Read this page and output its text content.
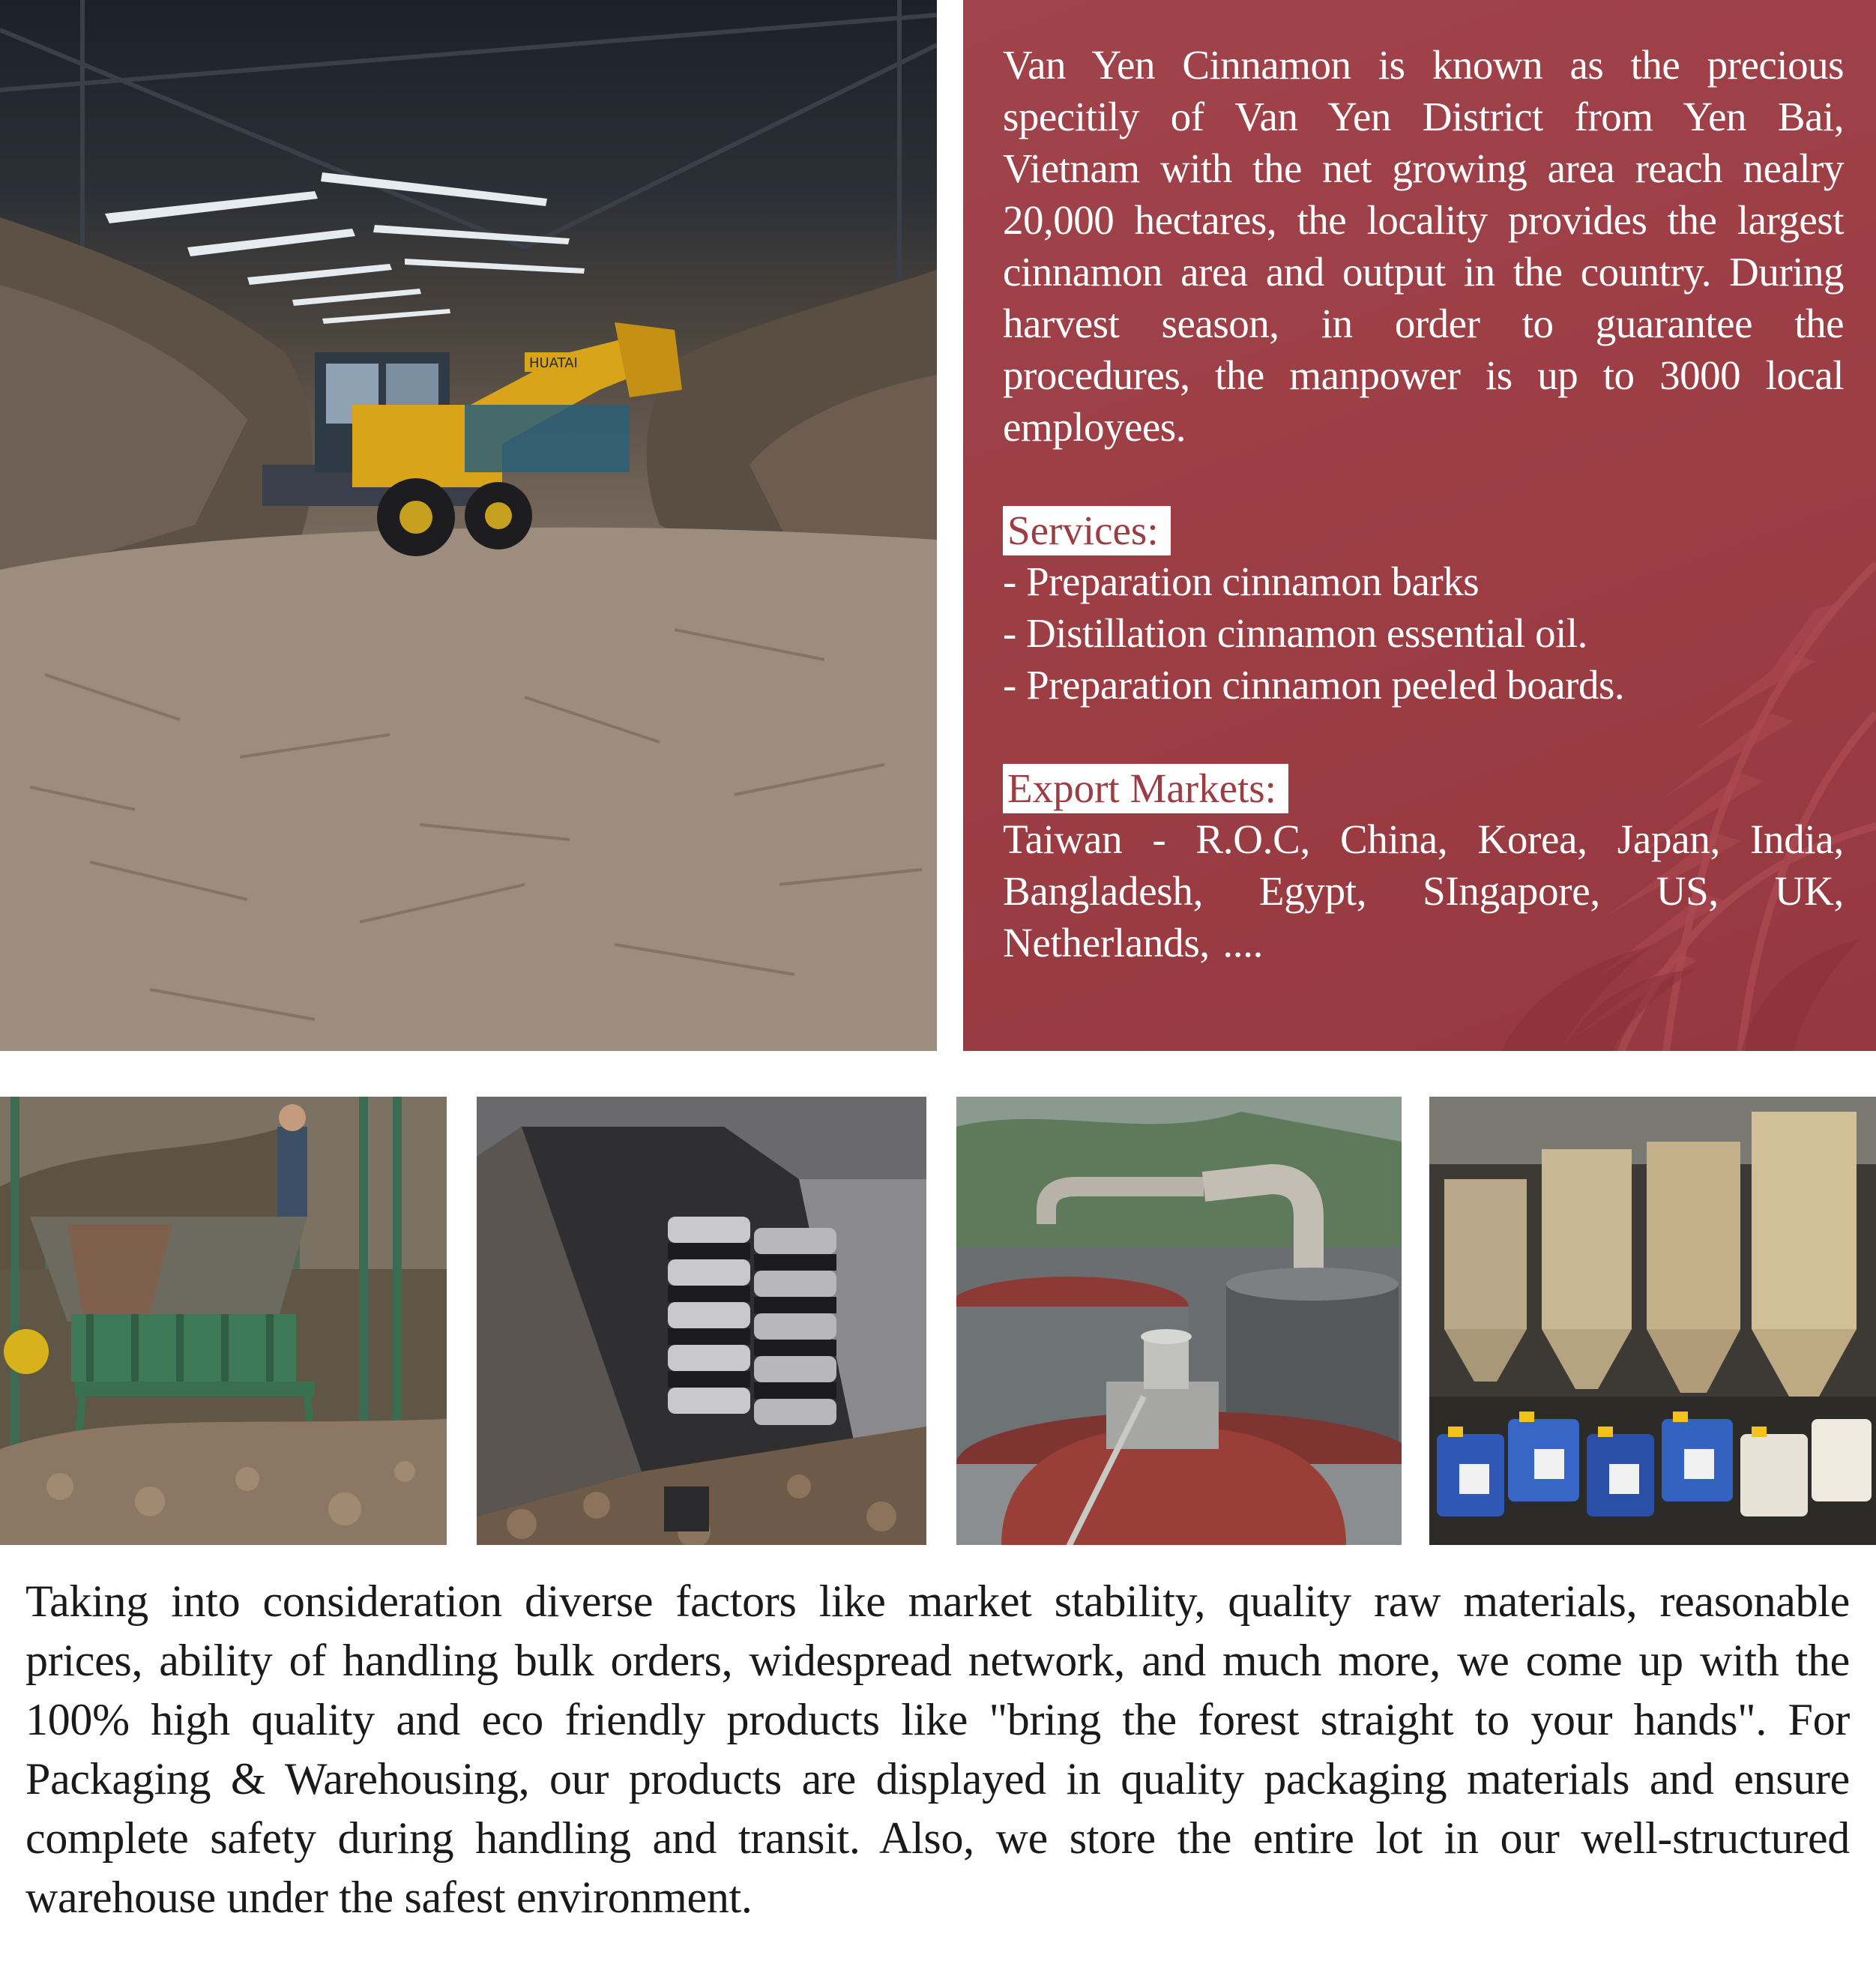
HUATAI

Van Yen Cinnamon is known as the precious specitily of Van Yen District from Yen Bai, Vietnam with the net growing area reach nealry 20,000 hectares, the locality provides the largest cinnamon area and output in the country. During harvest season, in order to guarantee the procedures, the manpower is up to 3000 local employees.

Services:
- Preparation cinnamon barks
- Distillation cinnamon essential oil.
- Preparation cinnamon peeled boards.
Export Markets:

Taiwan - R.O.C, China, Korea, Japan, India, Bangladesh, Egypt, SIngapore, US, UK, Netherlands, ....

Taking into consideration diverse factors like market stability, quality raw materials, reasonable prices, ability of handling bulk orders, widespread network, and much more, we come up with the 100% high quality and eco friendly products like "bring the forest straight to your hands". For Packaging & Warehousing, our products are displayed in quality packaging materials and ensure complete safety during handling and transit. Also, we store the entire lot in our well-structured warehouse under the safest environment.
